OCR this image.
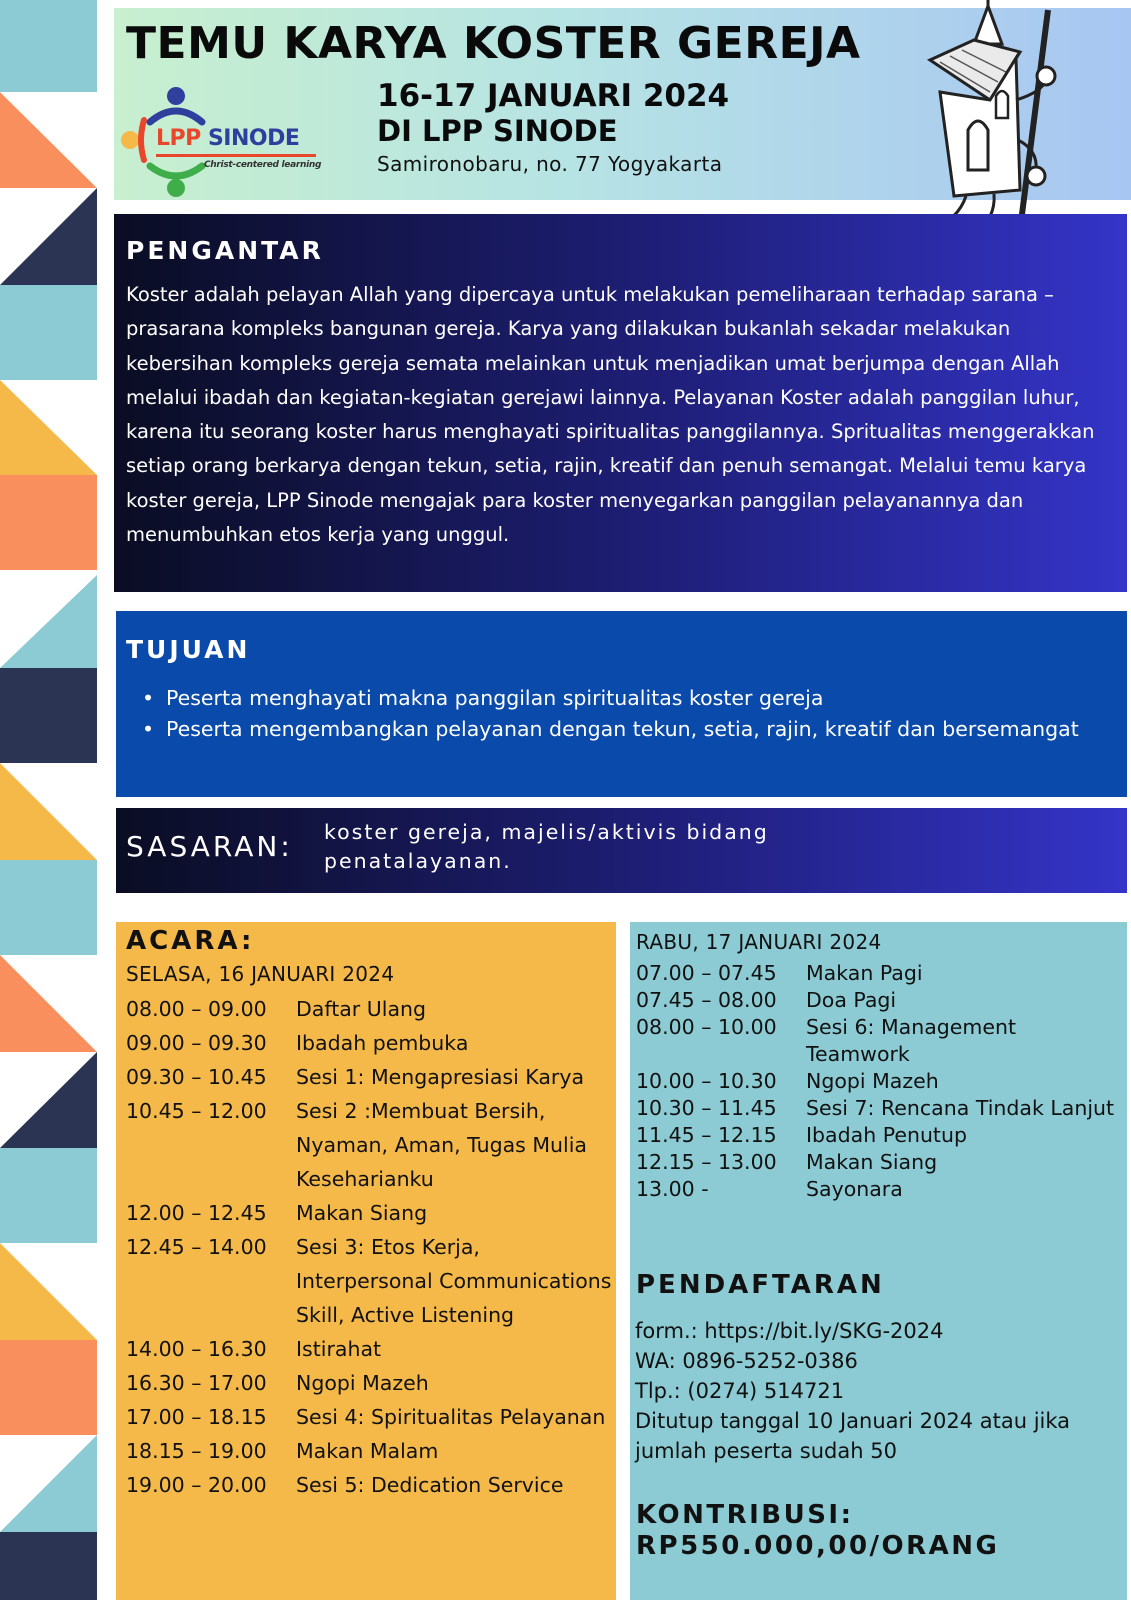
TEMU KARYA KOSTER GEREJA
LPP SINODE
Christ-centered learning
16-17 JANUARI 2024
DI LPP SINODE
Samironobaru, no. 77 Yogyakarta
PENGANTAR

Koster adalah pelayan Allah yang dipercaya untuk melakukan pemeliharaan terhadap sarana – prasarana kompleks bangunan gereja. Karya yang dilakukan bukanlah sekadar melakukan kebersihan kompleks gereja semata melainkan untuk menjadikan umat berjumpa dengan Allah melalui ibadah dan kegiatan-kegiatan gerejawi lainnya. Pelayanan Koster adalah panggilan luhur, karena itu seorang koster harus menghayati spiritualitas panggilannya. Spritualitas menggerakkan setiap orang berkarya dengan tekun, setia, rajin, kreatif dan penuh semangat. Melalui temu karya koster gereja, LPP Sinode mengajak para koster menyegarkan panggilan pelayanannya dan menumbuhkan etos kerja yang unggul.

TUJUAN
• Peserta menghayati makna panggilan spiritualitas koster gereja
• Peserta mengembangkan pelayanan dengan tekun, setia, rajin, kreatif dan bersemangat
SASARAN: koster gereja, majelis/aktivis bidang penatalayanan.
ACARA:
SELASA, 16 JANUARI 2024
08.00 – 09.00	Daftar Ulang
09.00 – 09.30	Ibadah pembuka
09.30 – 10.45	Sesi 1: Mengapresiasi Karya
10.45 – 12.00	Sesi 2 :Membuat Bersih, Nyaman, Aman, Tugas Mulia Keseharianku
12.00 – 12.45	Makan Siang
12.45 – 14.00	Sesi 3: Etos Kerja, Interpersonal Communications Skill, Active Listening
14.00 – 16.30	Istirahat
16.30 – 17.00	Ngopi Mazeh
17.00 – 18.15	Sesi 4: Spiritualitas Pelayanan
18.15 – 19.00	Makan Malam
19.00 – 20.00	Sesi 5: Dedication Service
RABU, 17 JANUARI 2024
07.00 – 07.45	Makan Pagi
07.45 – 08.00	Doa Pagi
08.00 – 10.00	Sesi 6: Management Teamwork
10.00 – 10.30	Ngopi Mazeh
10.30 – 11.45	Sesi 7: Rencana Tindak Lanjut
11.45 – 12.15	Ibadah Penutup
12.15 – 13.00	Makan Siang
13.00 -	Sayonara
PENDAFTARAN
form.: https://bit.ly/SKG-2024
WA: 0896-5252-0386
Tlp.: (0274) 514721
Ditutup tanggal 10 Januari 2024 atau jika jumlah peserta sudah 50
KONTRIBUSI:
RP550.000,00/ORANG
